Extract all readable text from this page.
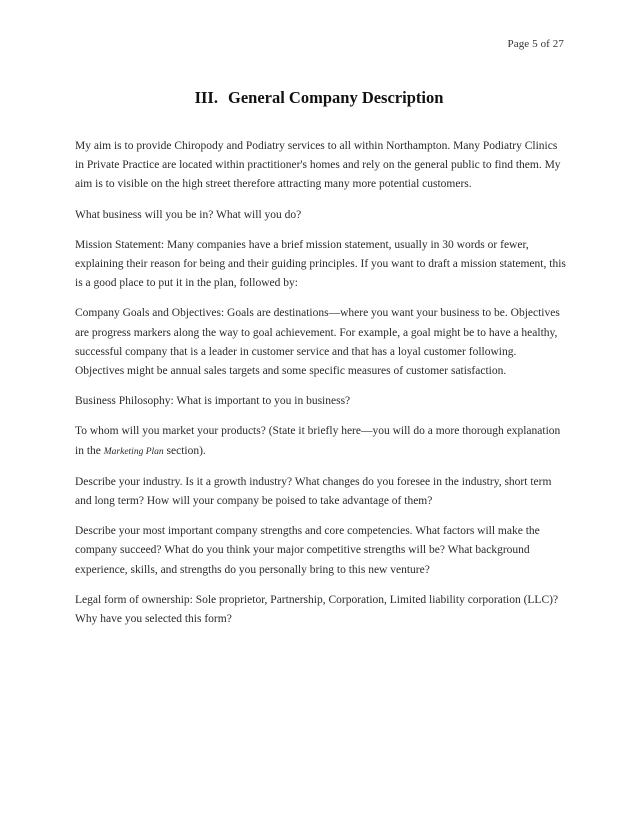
Page 5 of 27
III. General Company Description

My aim is to provide Chiropody and Podiatry services to all within Northampton. Many Podiatry Clinics in Private Practice are located within practitioner's homes and rely on the general public to find them. My aim is to visible on the high street therefore attracting many more potential customers.

What business will you be in? What will you do?

Mission Statement: Many companies have a brief mission statement, usually in 30 words or fewer, explaining their reason for being and their guiding principles. If you want to draft a mission statement, this is a good place to put it in the plan, followed by:

Company Goals and Objectives: Goals are destinations—where you want your business to be. Objectives are progress markers along the way to goal achievement. For example, a goal might be to have a healthy, successful company that is a leader in customer service and that has a loyal customer following. Objectives might be annual sales targets and some specific measures of customer satisfaction.

Business Philosophy: What is important to you in business?

To whom will you market your products? (State it briefly here—you will do a more thorough explanation in the Marketing Plan section).

Describe your industry. Is it a growth industry? What changes do you foresee in the industry, short term and long term? How will your company be poised to take advantage of them?

Describe your most important company strengths and core competencies. What factors will make the company succeed? What do you think your major competitive strengths will be? What background experience, skills, and strengths do you personally bring to this new venture?

Legal form of ownership: Sole proprietor, Partnership, Corporation, Limited liability corporation (LLC)? Why have you selected this form?
